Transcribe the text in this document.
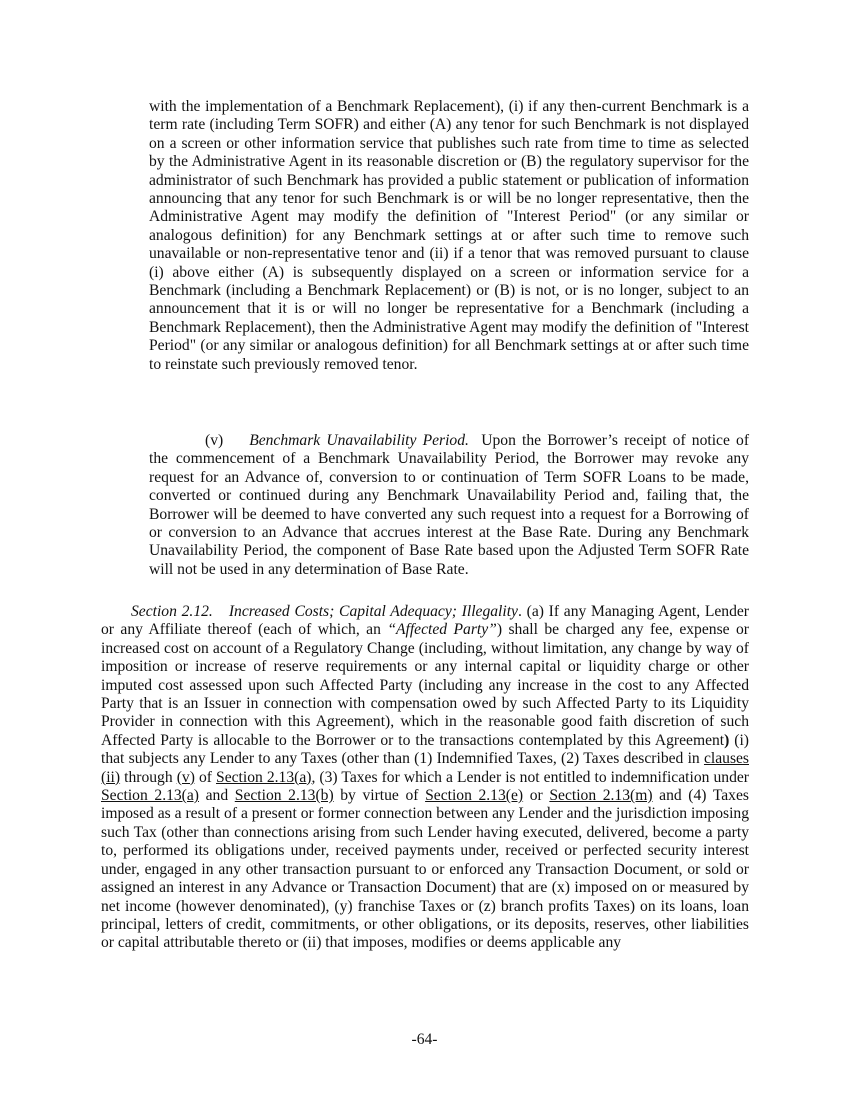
with the implementation of a Benchmark Replacement), (i) if any then-current Benchmark is a term rate (including Term SOFR) and either (A) any tenor for such Benchmark is not displayed on a screen or other information service that publishes such rate from time to time as selected by the Administrative Agent in its reasonable discretion or (B) the regulatory supervisor for the administrator of such Benchmark has provided a public statement or publication of information announcing that any tenor for such Benchmark is or will be no longer representative, then the Administrative Agent may modify the definition of "Interest Period" (or any similar or analogous definition) for any Benchmark settings at or after such time to remove such unavailable or non-representative tenor and (ii) if a tenor that was removed pursuant to clause (i) above either (A) is subsequently displayed on a screen or information service for a Benchmark (including a Benchmark Replacement) or (B) is not, or is no longer, subject to an announcement that it is or will no longer be representative for a Benchmark (including a Benchmark Replacement), then the Administrative Agent may modify the definition of "Interest Period" (or any similar or analogous definition) for all Benchmark settings at or after such time to reinstate such previously removed tenor.

(v) Benchmark Unavailability Period. Upon the Borrower’s receipt of notice of the commencement of a Benchmark Unavailability Period, the Borrower may revoke any request for an Advance of, conversion to or continuation of Term SOFR Loans to be made, converted or continued during any Benchmark Unavailability Period and, failing that, the Borrower will be deemed to have converted any such request into a request for a Borrowing of or conversion to an Advance that accrues interest at the Base Rate. During any Benchmark Unavailability Period, the component of Base Rate based upon the Adjusted Term SOFR Rate will not be used in any determination of Base Rate.

Section 2.12. Increased Costs; Capital Adequacy; Illegality. (a) If any Managing Agent, Lender or any Affiliate thereof (each of which, an “Affected Party”) shall be charged any fee, expense or increased cost on account of a Regulatory Change (including, without limitation, any change by way of imposition or increase of reserve requirements or any internal capital or liquidity charge or other imputed cost assessed upon such Affected Party (including any increase in the cost to any Affected Party that is an Issuer in connection with compensation owed by such Affected Party to its Liquidity Provider in connection with this Agreement), which in the reasonable good faith discretion of such Affected Party is allocable to the Borrower or to the transactions contemplated by this Agreement) (i) that subjects any Lender to any Taxes (other than (1) Indemnified Taxes, (2) Taxes described in clauses (ii) through (v) of Section 2.13(a), (3) Taxes for which a Lender is not entitled to indemnification under Section 2.13(a) and Section 2.13(b) by virtue of Section 2.13(e) or Section 2.13(m) and (4) Taxes imposed as a result of a present or former connection between any Lender and the jurisdiction imposing such Tax (other than connections arising from such Lender having executed, delivered, become a party to, performed its obligations under, received payments under, received or perfected security interest under, engaged in any other transaction pursuant to or enforced any Transaction Document, or sold or assigned an interest in any Advance or Transaction Document) that are (x) imposed on or measured by net income (however denominated), (y) franchise Taxes or (z) branch profits Taxes) on its loans, loan principal, letters of credit, commitments, or other obligations, or its deposits, reserves, other liabilities or capital attributable thereto or (ii) that imposes, modifies or deems applicable any

-64-
